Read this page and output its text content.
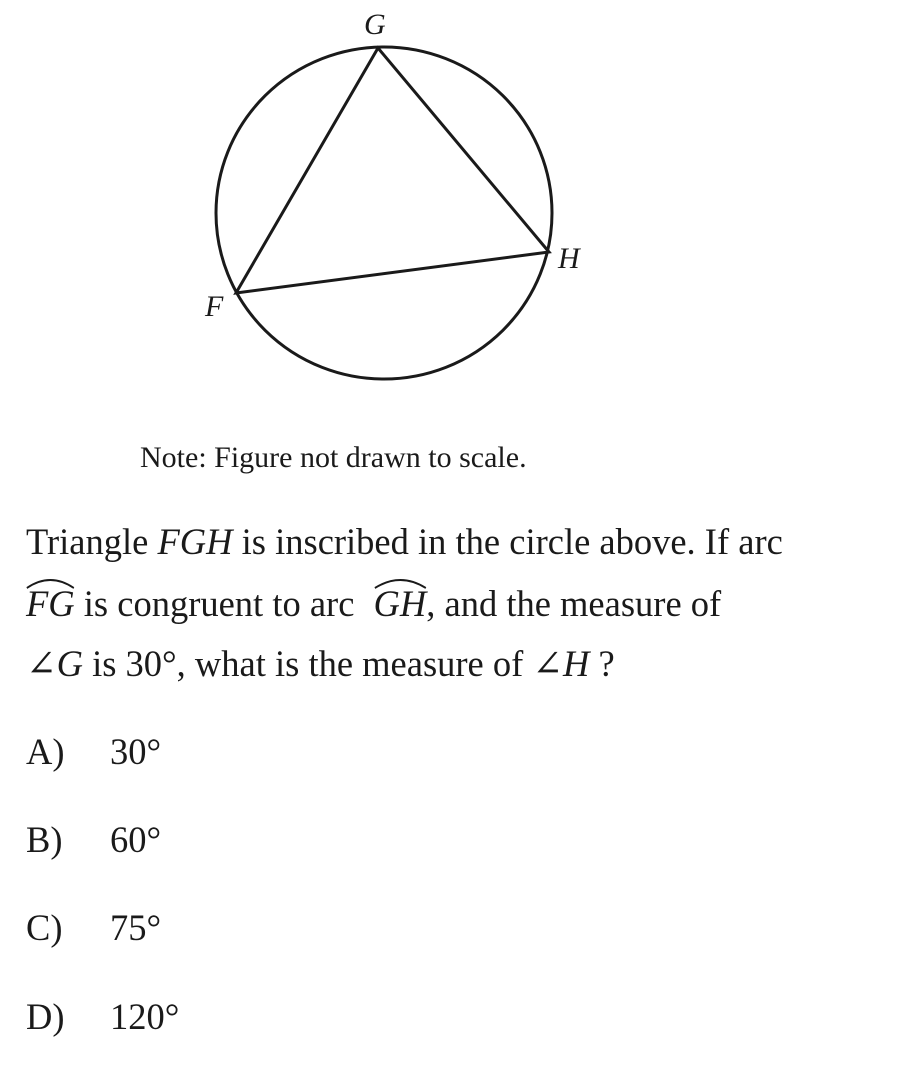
G
H
F
Note: Figure not drawn to scale.
Triangle FGH is inscribed in the circle above. If arc
FG is congruent to arc
GH, and the measure of
∠G is 30°, what is the measure of ∠H ?
A) 30°
B) 60°
C) 75°
D) 120°
